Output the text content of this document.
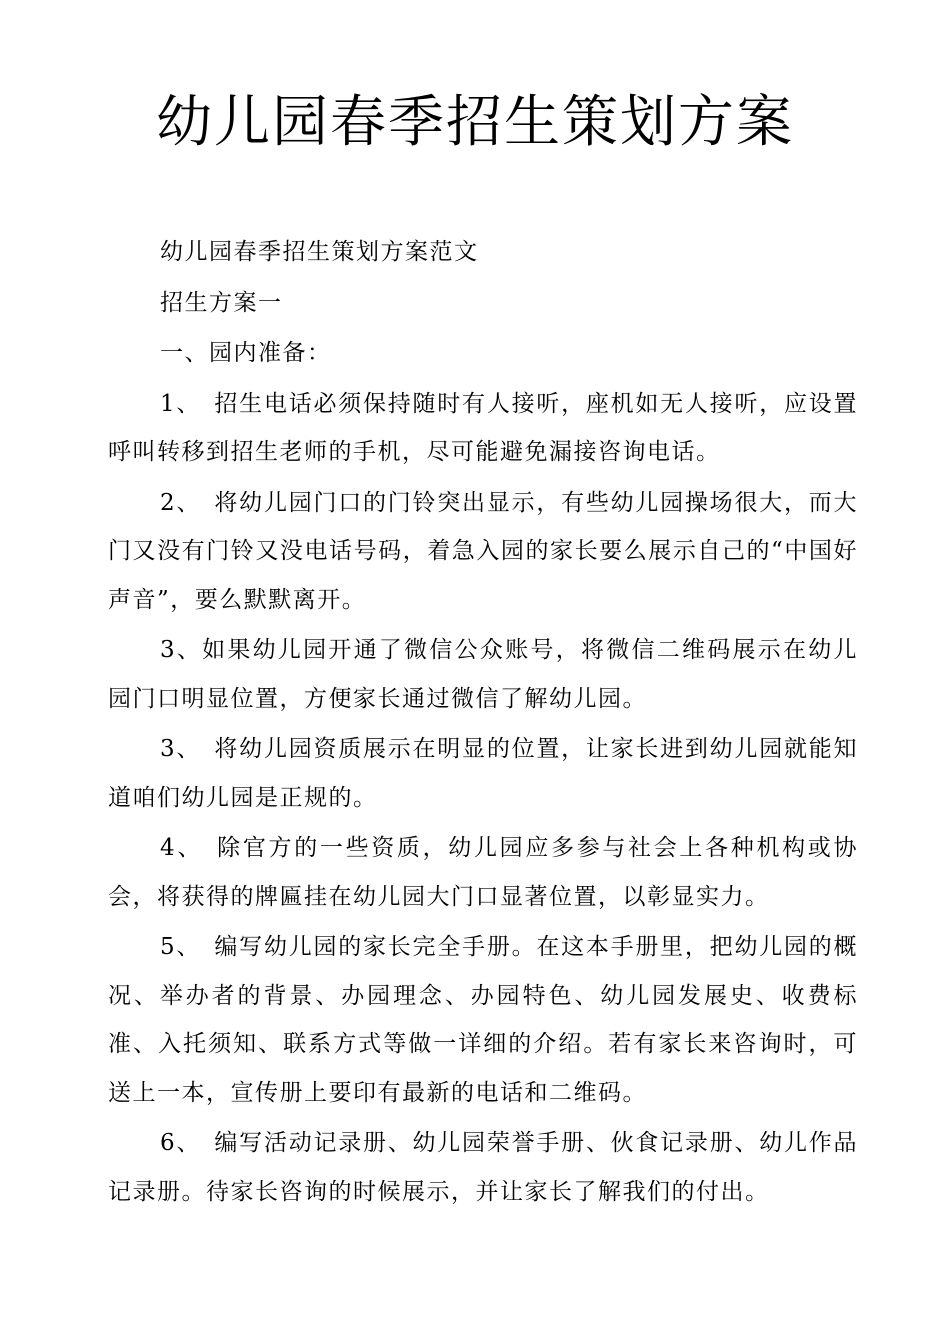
幼儿园春季招生策划方案

幼儿园春季招生策划方案范文

招生方案一

一、园内准备：

1、　招生电话必须保持随时有人接听，座机如无人接听，应设置呼叫转移到招生老师的手机，尽可能避免漏接咨询电话。

2、　将幼儿园门口的门铃突出显示，有些幼儿园操场很大，而大门又没有门铃又没电话号码，着急入园的家长要么展示自己的“中国好声音”，要么默默离开。

3、如果幼儿园开通了微信公众账号，将微信二维码展示在幼儿园门口明显位置，方便家长通过微信了解幼儿园。

3、　将幼儿园资质展示在明显的位置，让家长进到幼儿园就能知道咱们幼儿园是正规的。

4、　除官方的一些资质，幼儿园应多参与社会上各种机构或协会，将获得的牌匾挂在幼儿园大门口显著位置，以彰显实力。

5、　编写幼儿园的家长完全手册。在这本手册里，把幼儿园的概况、举办者的背景、办园理念、办园特色、幼儿园发展史、收费标准、入托须知、联系方式等做一详细的介绍。若有家长来咨询时，可送上一本，宣传册上要印有最新的电话和二维码。

6、　编写活动记录册、幼儿园荣誉手册、伙食记录册、幼儿作品记录册。待家长咨询的时候展示，并让家长了解我们的付出。
